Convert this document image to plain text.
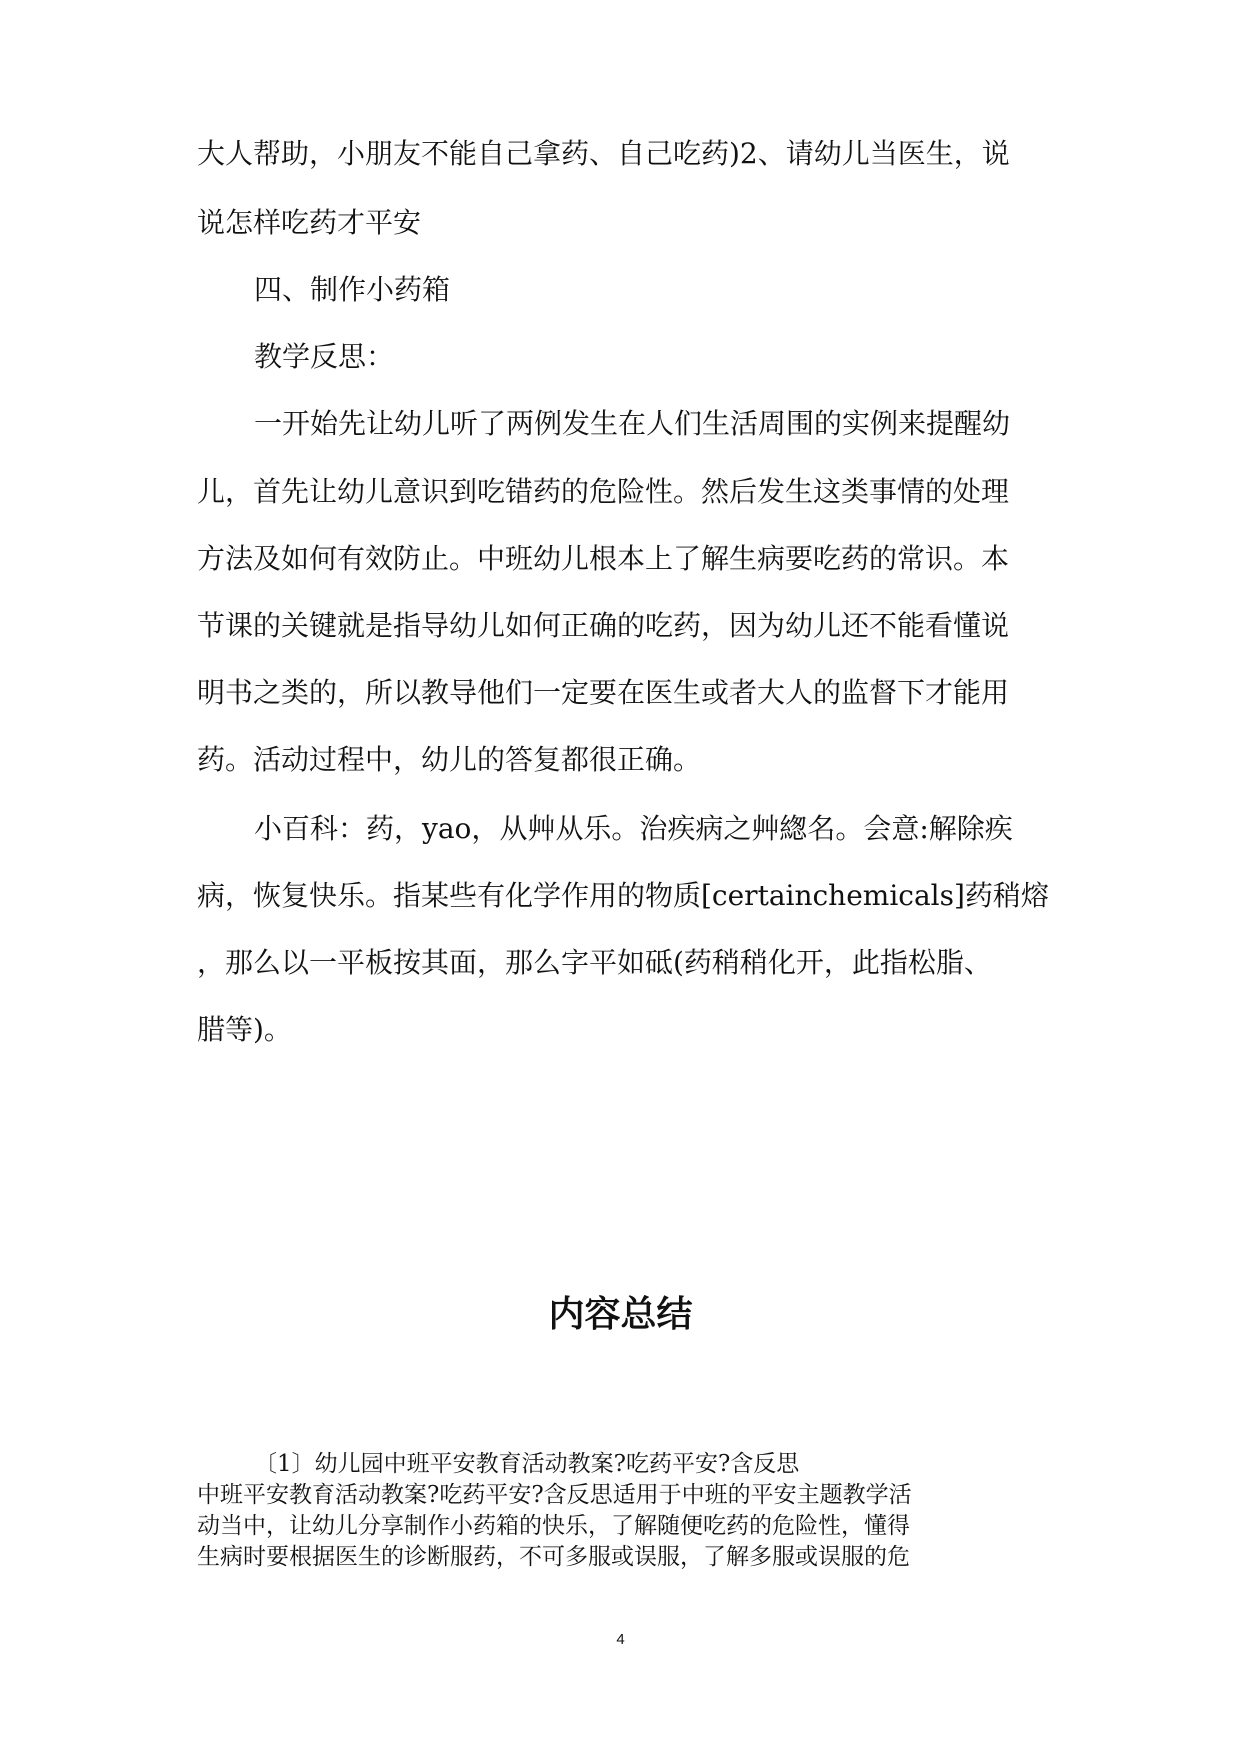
大人帮助，小朋友不能自己拿药、自己吃药)2、请幼儿当医生，说

说怎样吃药才平安

四、制作小药箱

教学反思：

一开始先让幼儿听了两例发生在人们生活周围的实例来提醒幼

儿，首先让幼儿意识到吃错药的危险性。然后发生这类事情的处理

方法及如何有效防止。中班幼儿根本上了解生病要吃药的常识。本

节课的关键就是指导幼儿如何正确的吃药，因为幼儿还不能看懂说

明书之类的，所以教导他们一定要在医生或者大人的监督下才能用

药。活动过程中，幼儿的答复都很正确。

小百科：药，yao，从艸从乐。治疾病之艸緫名。会意:解除疾

病，恢复快乐。指某些有化学作用的物质[certainchemicals]药稍熔

，那么以一平板按其面，那么字平如砥(药稍稍化开，此指松脂、

腊等)。

内容总结

〔1〕幼儿园中班平安教育活动教案?吃药平安?含反思

中班平安教育活动教案?吃药平安?含反思适用于中班的平安主题教学活

动当中，让幼儿分享制作小药箱的快乐，了解随便吃药的危险性，懂得

生病时要根据医生的诊断服药，不可多服或误服，了解多服或误服的危

4
